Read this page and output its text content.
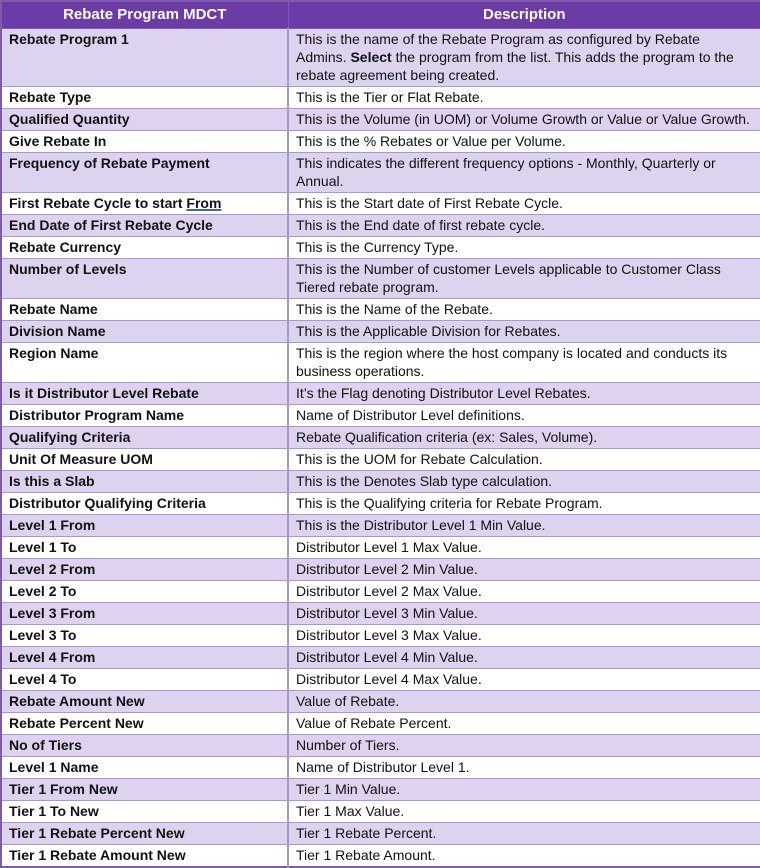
Rebate Program MDCT	Description
Rebate Program 1	This is the name of the Rebate Program as configured by Rebate Admins. Select the program from the list. This adds the program to the rebate agreement being created.
Rebate Type	This is the Tier or Flat Rebate.
Qualified Quantity	This is the Volume (in UOM) or Volume Growth or Value or Value Growth.
Give Rebate In	This is the % Rebates or Value per Volume.
Frequency of Rebate Payment	This indicates the different frequency options - Monthly, Quarterly or Annual.
First Rebate Cycle to start From	This is the Start date of First Rebate Cycle.
End Date of First Rebate Cycle	This is the End date of first rebate cycle.
Rebate Currency	This is the Currency Type.
Number of Levels	This is the Number of customer Levels applicable to Customer Class Tiered rebate program.
Rebate Name	This is the Name of the Rebate.
Division Name	This is the Applicable Division for Rebates.
Region Name	This is the region where the host company is located and conducts its business operations.
Is it Distributor Level Rebate	It’s the Flag denoting Distributor Level Rebates.
Distributor Program Name	Name of Distributor Level definitions.
Qualifying Criteria	Rebate Qualification criteria (ex: Sales, Volume).
Unit Of Measure UOM	This is the UOM for Rebate Calculation.
Is this a Slab	This is the Denotes Slab type calculation.
Distributor Qualifying Criteria	This is the Qualifying criteria for Rebate Program.
Level 1 From	This is the Distributor Level 1 Min Value.
Level 1 To	Distributor Level 1 Max Value.
Level 2 From	Distributor Level 2 Min Value.
Level 2 To	Distributor Level 2 Max Value.
Level 3 From	Distributor Level 3 Min Value.
Level 3 To	Distributor Level 3 Max Value.
Level 4 From	Distributor Level 4 Min Value.
Level 4 To	Distributor Level 4 Max Value.
Rebate Amount New	Value of Rebate.
Rebate Percent New	Value of Rebate Percent.
No of Tiers	Number of Tiers.
Level 1 Name	Name of Distributor Level 1.
Tier 1 From New	Tier 1 Min Value.
Tier 1 To New	Tier 1 Max Value.
Tier 1 Rebate Percent New	Tier 1 Rebate Percent.
Tier 1 Rebate Amount New	Tier 1 Rebate Amount.
